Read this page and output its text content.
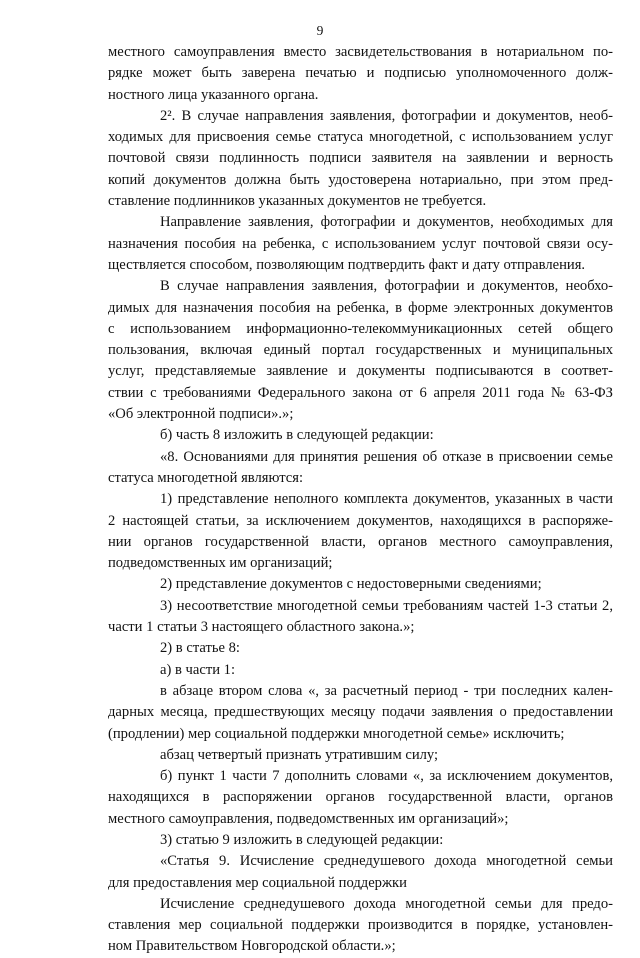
9
местного самоуправления вместо засвидетельствования в нотариальном по-
рядке может быть заверена печатью и подписью уполномоченного долж-
ностного лица указанного органа.
2². В случае направления заявления, фотографии и документов, необ-
ходимых для присвоения семье статуса многодетной, с использованием услуг
почтовой связи подлинность подписи заявителя на заявлении и верность
копий документов должна быть удостоверена нотариально, при этом пред-
ставление подлинников указанных документов не требуется.
Направление заявления, фотографии и документов, необходимых для
назначения пособия на ребенка, с использованием услуг почтовой связи осу-
ществляется способом, позволяющим подтвердить факт и дату отправления.
В случае направления заявления, фотографии и документов, необхо-
димых для назначения пособия на ребенка, в форме электронных документов
с использованием информационно-телекоммуникационных сетей общего
пользования, включая единый портал государственных и муниципальных
услуг, представляемые заявление и документы подписываются в соответ-
ствии с требованиями Федерального закона от 6 апреля 2011 года № 63-ФЗ
«Об электронной подписи».»;
б) часть 8 изложить в следующей редакции:
«8. Основаниями для принятия решения об отказе в присвоении семье
статуса многодетной являются:
1) представление неполного комплекта документов, указанных в части
2 настоящей статьи, за исключением документов, находящихся в распоряже-
нии органов государственной власти, органов местного самоуправления,
подведомственных им организаций;
2) представление документов с недостоверными сведениями;
3) несоответствие многодетной семьи требованиям частей 1-3 статьи 2,
части 1 статьи 3 настоящего областного закона.»;
2) в статье 8:
а) в части 1:
в абзаце втором слова «, за расчетный период - три последних кален-
дарных месяца, предшествующих месяцу подачи заявления о предоставлении
(продлении) мер социальной поддержки многодетной семье» исключить;
абзац четвертый признать утратившим силу;
б) пункт 1 части 7 дополнить словами «, за исключением документов,
находящихся в распоряжении органов государственной власти, органов
местного самоуправления, подведомственных им организаций»;
3) статью 9 изложить в следующей редакции:
«Статья 9. Исчисление среднедушевого дохода многодетной семьи
для предоставления мер социальной поддержки
Исчисление среднедушевого дохода многодетной семьи для предо-
ставления мер социальной поддержки производится в порядке, установлен-
ном Правительством Новгородской области.»;
